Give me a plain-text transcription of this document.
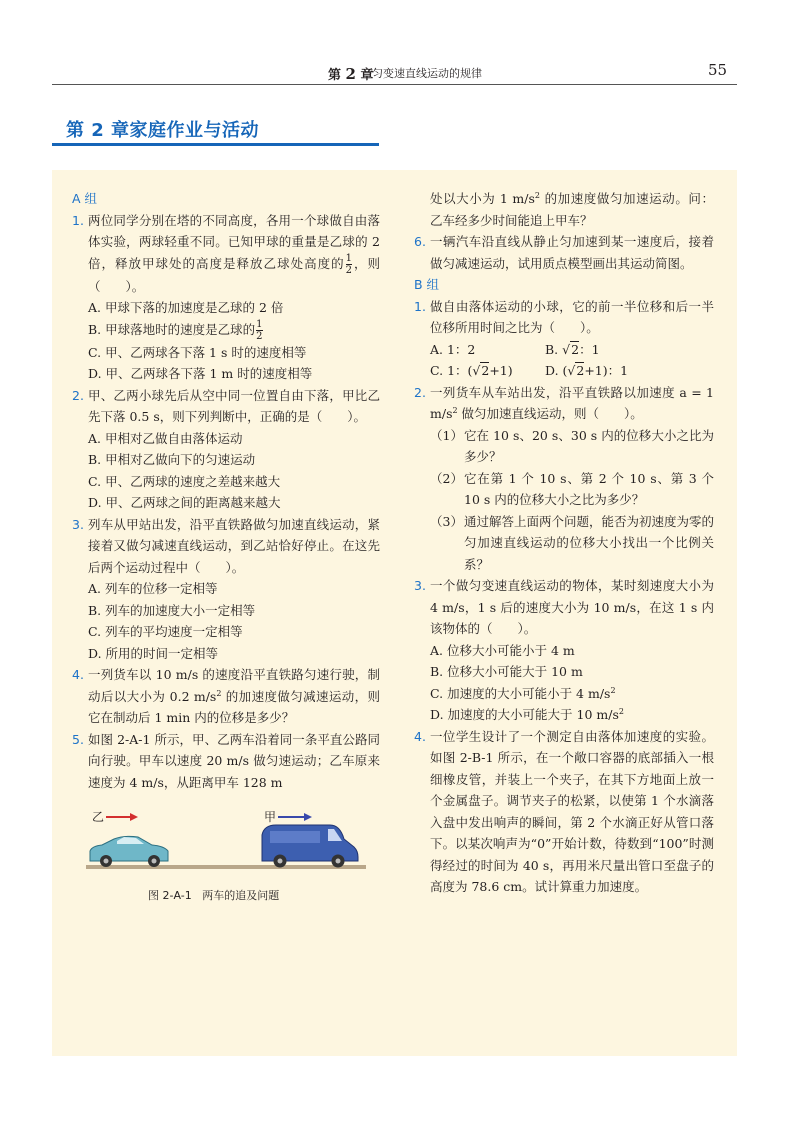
第 2 章
匀变速直线运动的规律	55
第 2 章家庭作业与活动
A 组
1. 两位同学分别在塔的不同高度，各用一个球做自由落体实验，两球轻重不同。已知甲球的重量是乙球的 2 倍，释放甲球处的高度是释放乙球处高度的 $\frac{1}{2}$ ，则（　　）。
A. 甲球下落的加速度是乙球的 2 倍
B. 甲球落地时的速度是乙球的 $\frac{1}{2}$
C. 甲、乙两球各下落 1 s 时的速度相等
D. 甲、乙两球各下落 1 m 时的速度相等
2. 甲、乙两小球先后从空中同一位置自由下落，甲比乙先下落 0.5 s，则下列判断中，正确的是（　　）。
A. 甲相对乙做自由落体运动
B. 甲相对乙做向下的匀速运动
C. 甲、乙两球的速度之差越来越大
D. 甲、乙两球之间的距离越来越大
3. 列车从甲站出发，沿平直铁路做匀加速直线运动，紧接着又做匀减速直线运动，到乙站恰好停止。在这先后两个运动过程中（　　）。
A. 列车的位移一定相等
B. 列车的加速度大小一定相等
C. 列车的平均速度一定相等
D. 所用的时间一定相等
4. 一列货车以 10 m/s 的速度沿平直铁路匀速行驶，制动后以大小为 0.2 $m/s^2$ 的加速度做匀减速运动，则它在制动后 1 min 内的位移是多少？
5. 如图 2-A-1 所示，甲、乙两车沿着同一条平直公路同向行驶。甲车以速度 20 m/s 做匀速运动；乙车原来速度为 4 m/s，从距离甲车 128 m
乙	甲
图 2-A-1 两车的追及问题
处以大小为 1 $m/s^2$ 的加速度做匀加速运动。问：乙车经多少时间能追上甲车？
6. 一辆汽车沿直线从静止匀加速到某一速度后，接着做匀减速运动，试用质点模型画出其运动简图。
B 组
1. 做自由落体运动的小球，它的前一半位移和后一半位移所用时间之比为（　　）。
A. 1：2	B. √2：1
C. 1：(√2+1)	D. (√2+1)：1
2. 一列货车从车站出发，沿平直铁路以加速度 a = 1 $m/s^2$ 做匀加速直线运动，则（　　）。
（1） 它在 10 s、20 s、30 s 内的位移大小之比为多少？
（2） 它在第 1 个 10 s、第 2 个 10 s、第 3 个 10 s 内的位移大小之比为多少？
（3） 通过解答上面两个问题，能否为初速度为零的匀加速直线运动的位移大小找出一个比例关系？
3. 一个做匀变速直线运动的物体，某时刻速度大小为 4 m/s，1 s 后的速度大小为 10 m/s，在这 1 s 内该物体的（　　）。
A. 位移大小可能小于 4 m
B. 位移大小可能大于 10 m
C. 加速度的大小可能小于 4 $m/s^2$
D. 加速度的大小可能大于 10 $m/s^2$
4. 一位学生设计了一个测定自由落体加速度的实验。如图 2-B-1 所示，在一个敞口容器的底部插入一根细橡皮管，并装上一个夹子，在其下方地面上放一个金属盘子。调节夹子的松紧，以使第 1 个水滴落入盘中发出响声的瞬间，第 2 个水滴正好从管口落下。以某次响声为“0”开始计数，待数到“100”时测得经过的时间为 40 s，再用米尺量出管口至盘子的高度为 78.6 cm。试计算重力加速度。
